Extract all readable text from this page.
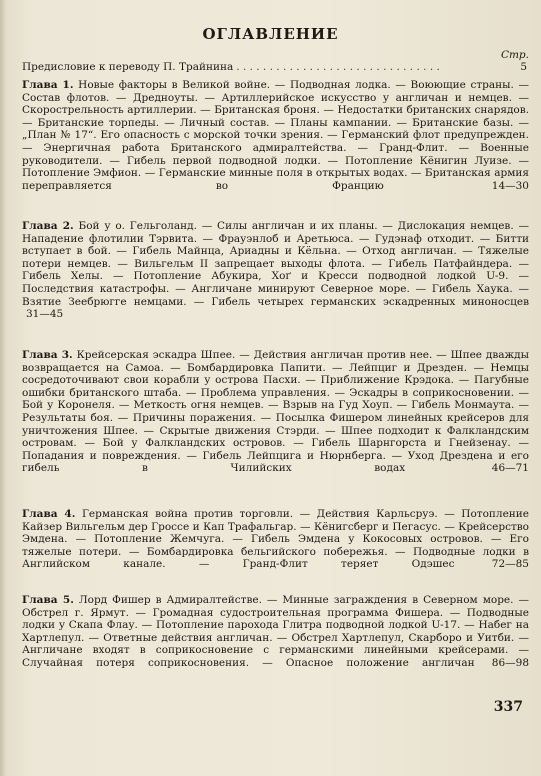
ОГЛАВЛЕНИЕ
Стр.
Предисловие к переводу П. Трайнина . . . . . . . . . . . . . . . . . . . . . . . . . . . . . . .	5
Глава 1. Новые факторы в Великой войне. — Подводная лодка. — Воюющие страны. — Состав флотов. — Дредноуты. — Артиллерийское искусство у англичан и немцев. — Скорострельность артиллерии. — Британская броня. — Недостатки британских снарядов. — Британские торпеды. — Личный состав. — Планы кампании. — Британские базы. — „План № 17“. Его опасность с морской точки зрения. — Германский флот предупрежден. — Энергичная работа Британского адмиралтейства. — Гранд-Флит. — Военные руководители. — Гибель первой подводной лодки. — Потопление Кёнигин Луизе. — Потопление Эмфион. — Германские минные поля в открытых водах. — Британская армия переправляется во Францию	14—30
Глава 2. Бой у о. Гельголанд. — Силы англичан и их планы. — Дислокация немцев. — Нападение флотилии Тэрвита. — Фрауэнлоб и Аретьюса. — Гудэнаф отходит. — Битти вступает в бой. — Гибель Майнца, Ариадны и Кёльна. — Отход англичан. — Тяжелые потери немцев. — Вильгельм II запрещает выходы флота. — Гибель Патфайндера. — Гибель Хелы. — Потопление Абукира, Хоґ и Кресси подводной лодкой U-9. — Последствия катастрофы. — Англичане минируют Северное море. — Гибель Хаука. — Взятие Зеебрюгге немцами. — Гибель четырех германских эскадренных миноносцев 31—45
Глава 3. Крейсерская эскадра Шпее. — Действия англичан против нее. — Шпее дважды возвращается на Самоа. — Бомбардировка Папити. — Лейпциг и Дрезден. — Немцы сосредоточивают свои корабли у острова Пасхи. — Приближение Крэдока. — Пагубные ошибки британского штаба. — Проблема управления. — Эскадры в соприкосновении. — Бой у Коронеля. — Меткость огня немцев. — Взрыв на Гуд Хоуп. — Гибель Монмаута. — Результаты боя. — Причины поражения. — Посылка Фишером линейных крейсеров для уничтожения Шпее. — Скрытые движения Стэрди. — Шпее подходит к Фалкландским островам. — Бой у Фалкландских островов. — Гибель Шарнгорста и Гнейзенау. — Попадания и повреждения. — Гибель Лейпцига и Нюрнберга. — Уход Дрездена и его гибель в Чилийских водах	46—71
Глава 4. Германская война против торговли. — Действия Карльсруэ. — Потопление Кайзер Вильгельм дер Гроссе и Кап Трафальгар. — Кёнигсберг и Пегасус. — Крейсерство Эмдена. — Потопление Жемчуга. — Гибель Эмдена у Кокосовых островов. — Его тяжелые потери. — Бомбардировка бельгийского побережья. — Подводные лодки в Английском канале. — Гранд-Флит теряет Одэшес	72—85
Глава 5. Лорд Фишер в Адмиралтействе. — Минные заграждения в Северном море. — Обстрел г. Ярмут. — Громадная судостроительная программа Фишера. — Подводные лодки у Скапа Флау. — Потопление парохода Глитра подводной лодкой U-17. — Набег на Хартлепул. — Ответные действия англичан. — Обстрел Хартлепул, Скарборо и Уитби. — Англичане входят в соприкосновение с германскими линейными крейсерами. — Случайная потеря соприкосновения. — Опасное положение англичан 86—98
337
